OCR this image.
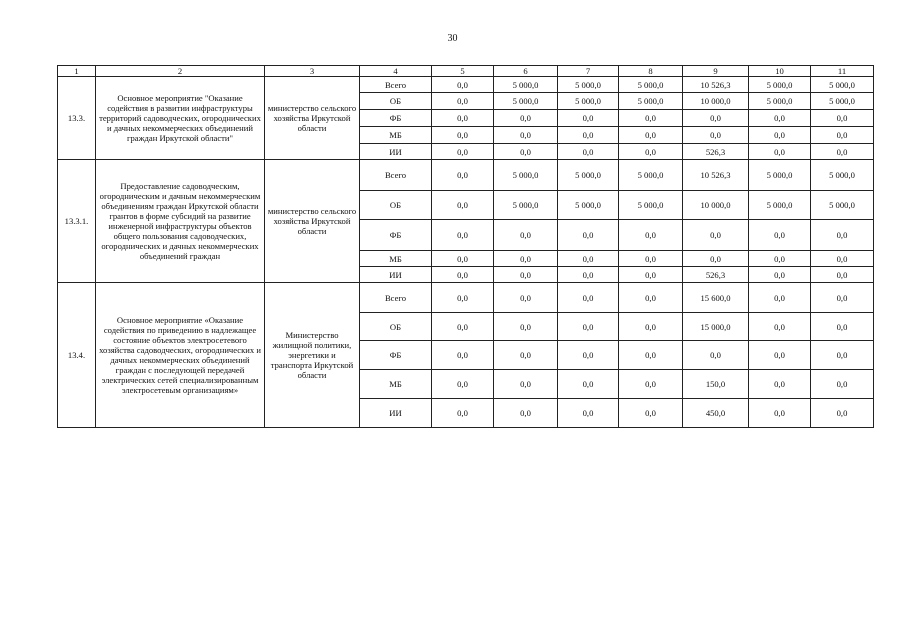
30
1	2	3	4	5	6	7	8	9	10	11
13.3.	Основное мероприятие "Оказание содействия в развитии инфраструктуры территорий садоводческих, огороднических и дачных некоммерческих объединений граждан Иркутской области"	министерство сельского хозяйства Иркутской области	Всего	0,0	5 000,0	5 000,0	5 000,0	10 526,3	5 000,0	5 000,0
			ОБ	0,0	5 000,0	5 000,0	5 000,0	10 000,0	5 000,0	5 000,0
			ФБ	0,0	0,0	0,0	0,0	0,0	0,0	0,0
			МБ	0,0	0,0	0,0	0,0	0,0	0,0	0,0
			ИИ	0,0	0,0	0,0	0,0	526,3	0,0	0,0
13.3.1.	Предоставление садоводческим, огородническим и дачным некоммерческим объединениям граждан Иркутской области грантов в форме субсидий на развитие инженерной инфраструктуры объектов общего пользования садоводческих, огороднических и дачных некоммерческих объединений граждан	министерство сельского хозяйства Иркутской области	Всего	0,0	5 000,0	5 000,0	5 000,0	10 526,3	5 000,0	5 000,0
			ОБ	0,0	5 000,0	5 000,0	5 000,0	10 000,0	5 000,0	5 000,0
			ФБ	0,0	0,0	0,0	0,0	0,0	0,0	0,0
			МБ	0,0	0,0	0,0	0,0	0,0	0,0	0,0
			ИИ	0,0	0,0	0,0	0,0	526,3	0,0	0,0
13.4.	Основное мероприятие «Оказание содействия по приведению в надлежащее состояние объектов электросетевого хозяйства садоводческих, огороднических и дачных некоммерческих объединений граждан с последующей передачей электрических сетей специализированным электросетевым организациям»	Министерство жилищной политики, энергетики и транспорта Иркутской области	Всего	0,0	0,0	0,0	0,0	15 600,0	0,0	0,0
			ОБ	0,0	0,0	0,0	0,0	15 000,0	0,0	0,0
			ФБ	0,0	0,0	0,0	0,0	0,0	0,0	0,0
			МБ	0,0	0,0	0,0	0,0	150,0	0,0	0,0
			ИИ	0,0	0,0	0,0	0,0	450,0	0,0	0,0
